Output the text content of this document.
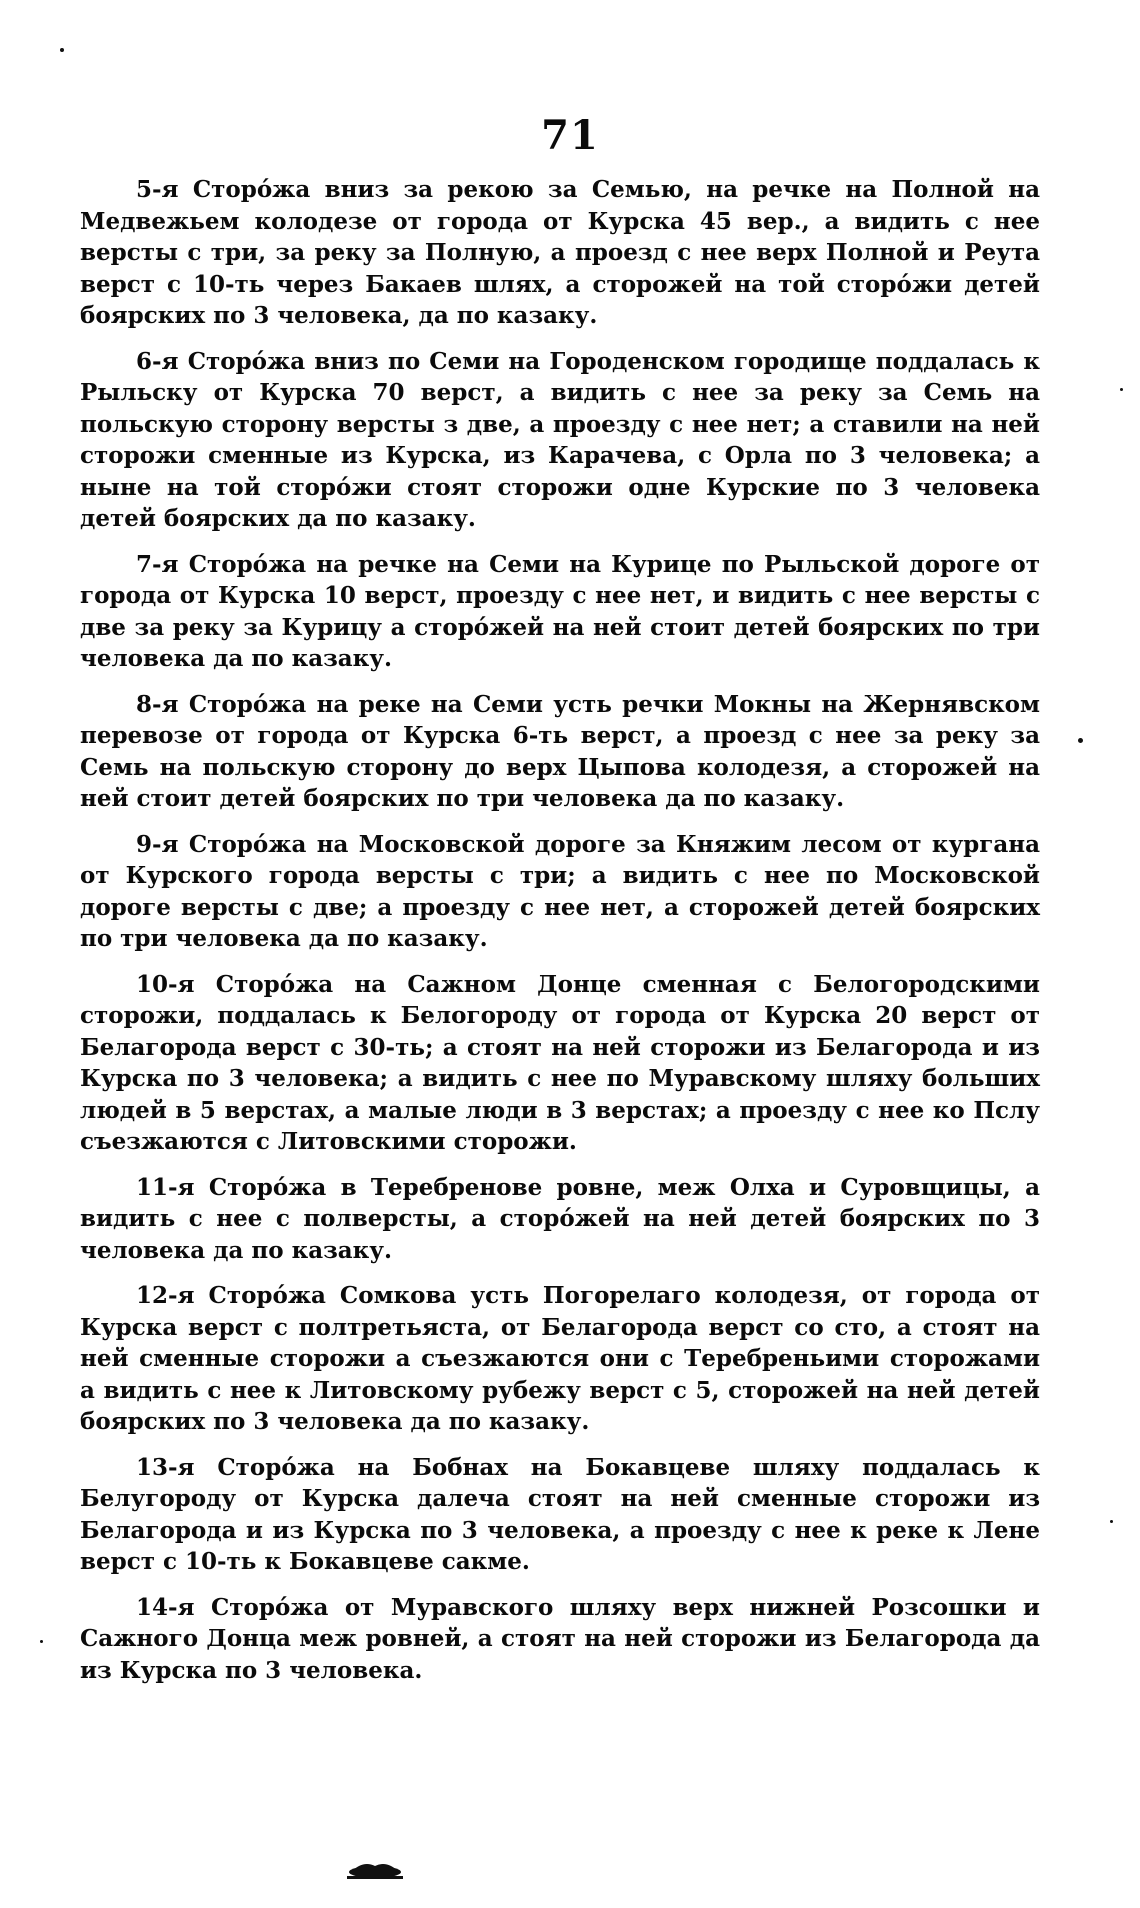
71

5-я Сторо́жа вниз за рекою за Семью, на речке на Полной на Медвежьем колодезе от города от Курска 45 вер., а видить с нее версты с три, за реку за Полную, а проезд с нее верх Полной и Реута верст с 10-ть через Бакаев шлях, а сторожей на той сторо́жи детей боярских по 3 человека, да по казаку.

6-я Сторо́жа вниз по Семи на Городенском городище поддалась к Рыльску от Курска 70 верст, а видить с нее за реку за Семь на польскую сторону версты з две, а проезду с нее нет; а ставили на ней сторожи сменные из Курска, из Карачева, с Орла по 3 человека; а ныне на той сторо́жи стоят сторожи одне Курские по 3 человека детей боярских да по казаку.

7-я Сторо́жа на речке на Семи на Курице по Рыльской дороге от города от Курска 10 верст, проезду с нее нет, и видить с нее версты с две за реку за Курицу а сторо́жей на ней стоит детей боярских по три человека да по казаку.

8-я Сторо́жа на реке на Семи усть речки Мокны на Жернявском перевозе от города от Курска 6-ть верст, а проезд с нее за реку за Семь на польскую сторону до верх Цыпова колодезя, а сторожей на ней стоит детей боярских по три человека да по казаку.

9-я Сторо́жа на Московской дороге за Княжим лесом от кургана от Курского города версты с три; а видить с нее по Московской дороге версты с две; а проезду с нее нет, а сторожей детей боярских по три человека да по казаку.

10-я Сторо́жа на Сажном Донце сменная с Белогородскими сторожи, поддалась к Белогороду от города от Курска 20 верст от Белагорода верст с 30-ть; а стоят на ней сторожи из Белагорода и из Курска по 3 человека; а видить с нее по Муравскому шляху больших людей в 5 верстах, а малые люди в 3 верстах; а проезду с нее ко Пслу съезжаются с Литовскими сторожи.

11-я Сторо́жа в Теребреновe ровне, меж Олха и Суровщицы, а видить с нее с полверсты, а сторо́жей на ней детей боярских по 3 человека да по казаку.

12-я Сторо́жа Сомкова усть Погорелаго колодезя, от города от Курска верст с полтретьяста, от Белагорода верст со сто, а стоят на ней сменные сторожи а съезжаются они с Теребреньими сторожами а видить с нее к Литовскому рубежу верст с 5, сторожей на ней детей боярских по 3 человека да по казаку.

13-я Сторо́жа на Бобнах на Бокавцеве шляху поддалась к Белугороду от Курска далеча стоят на ней сменные сторожи из Белагорода и из Курска по 3 человека, а проезду с нее к реке к Лене верст с 10-ть к Бокавцеве сакме.

14-я Сторо́жа от Муравского шляху верх нижней Розсошки и Сажного Донца меж ровней, а стоят на ней сторожи из Белагорода да из Курска по 3 человека.
